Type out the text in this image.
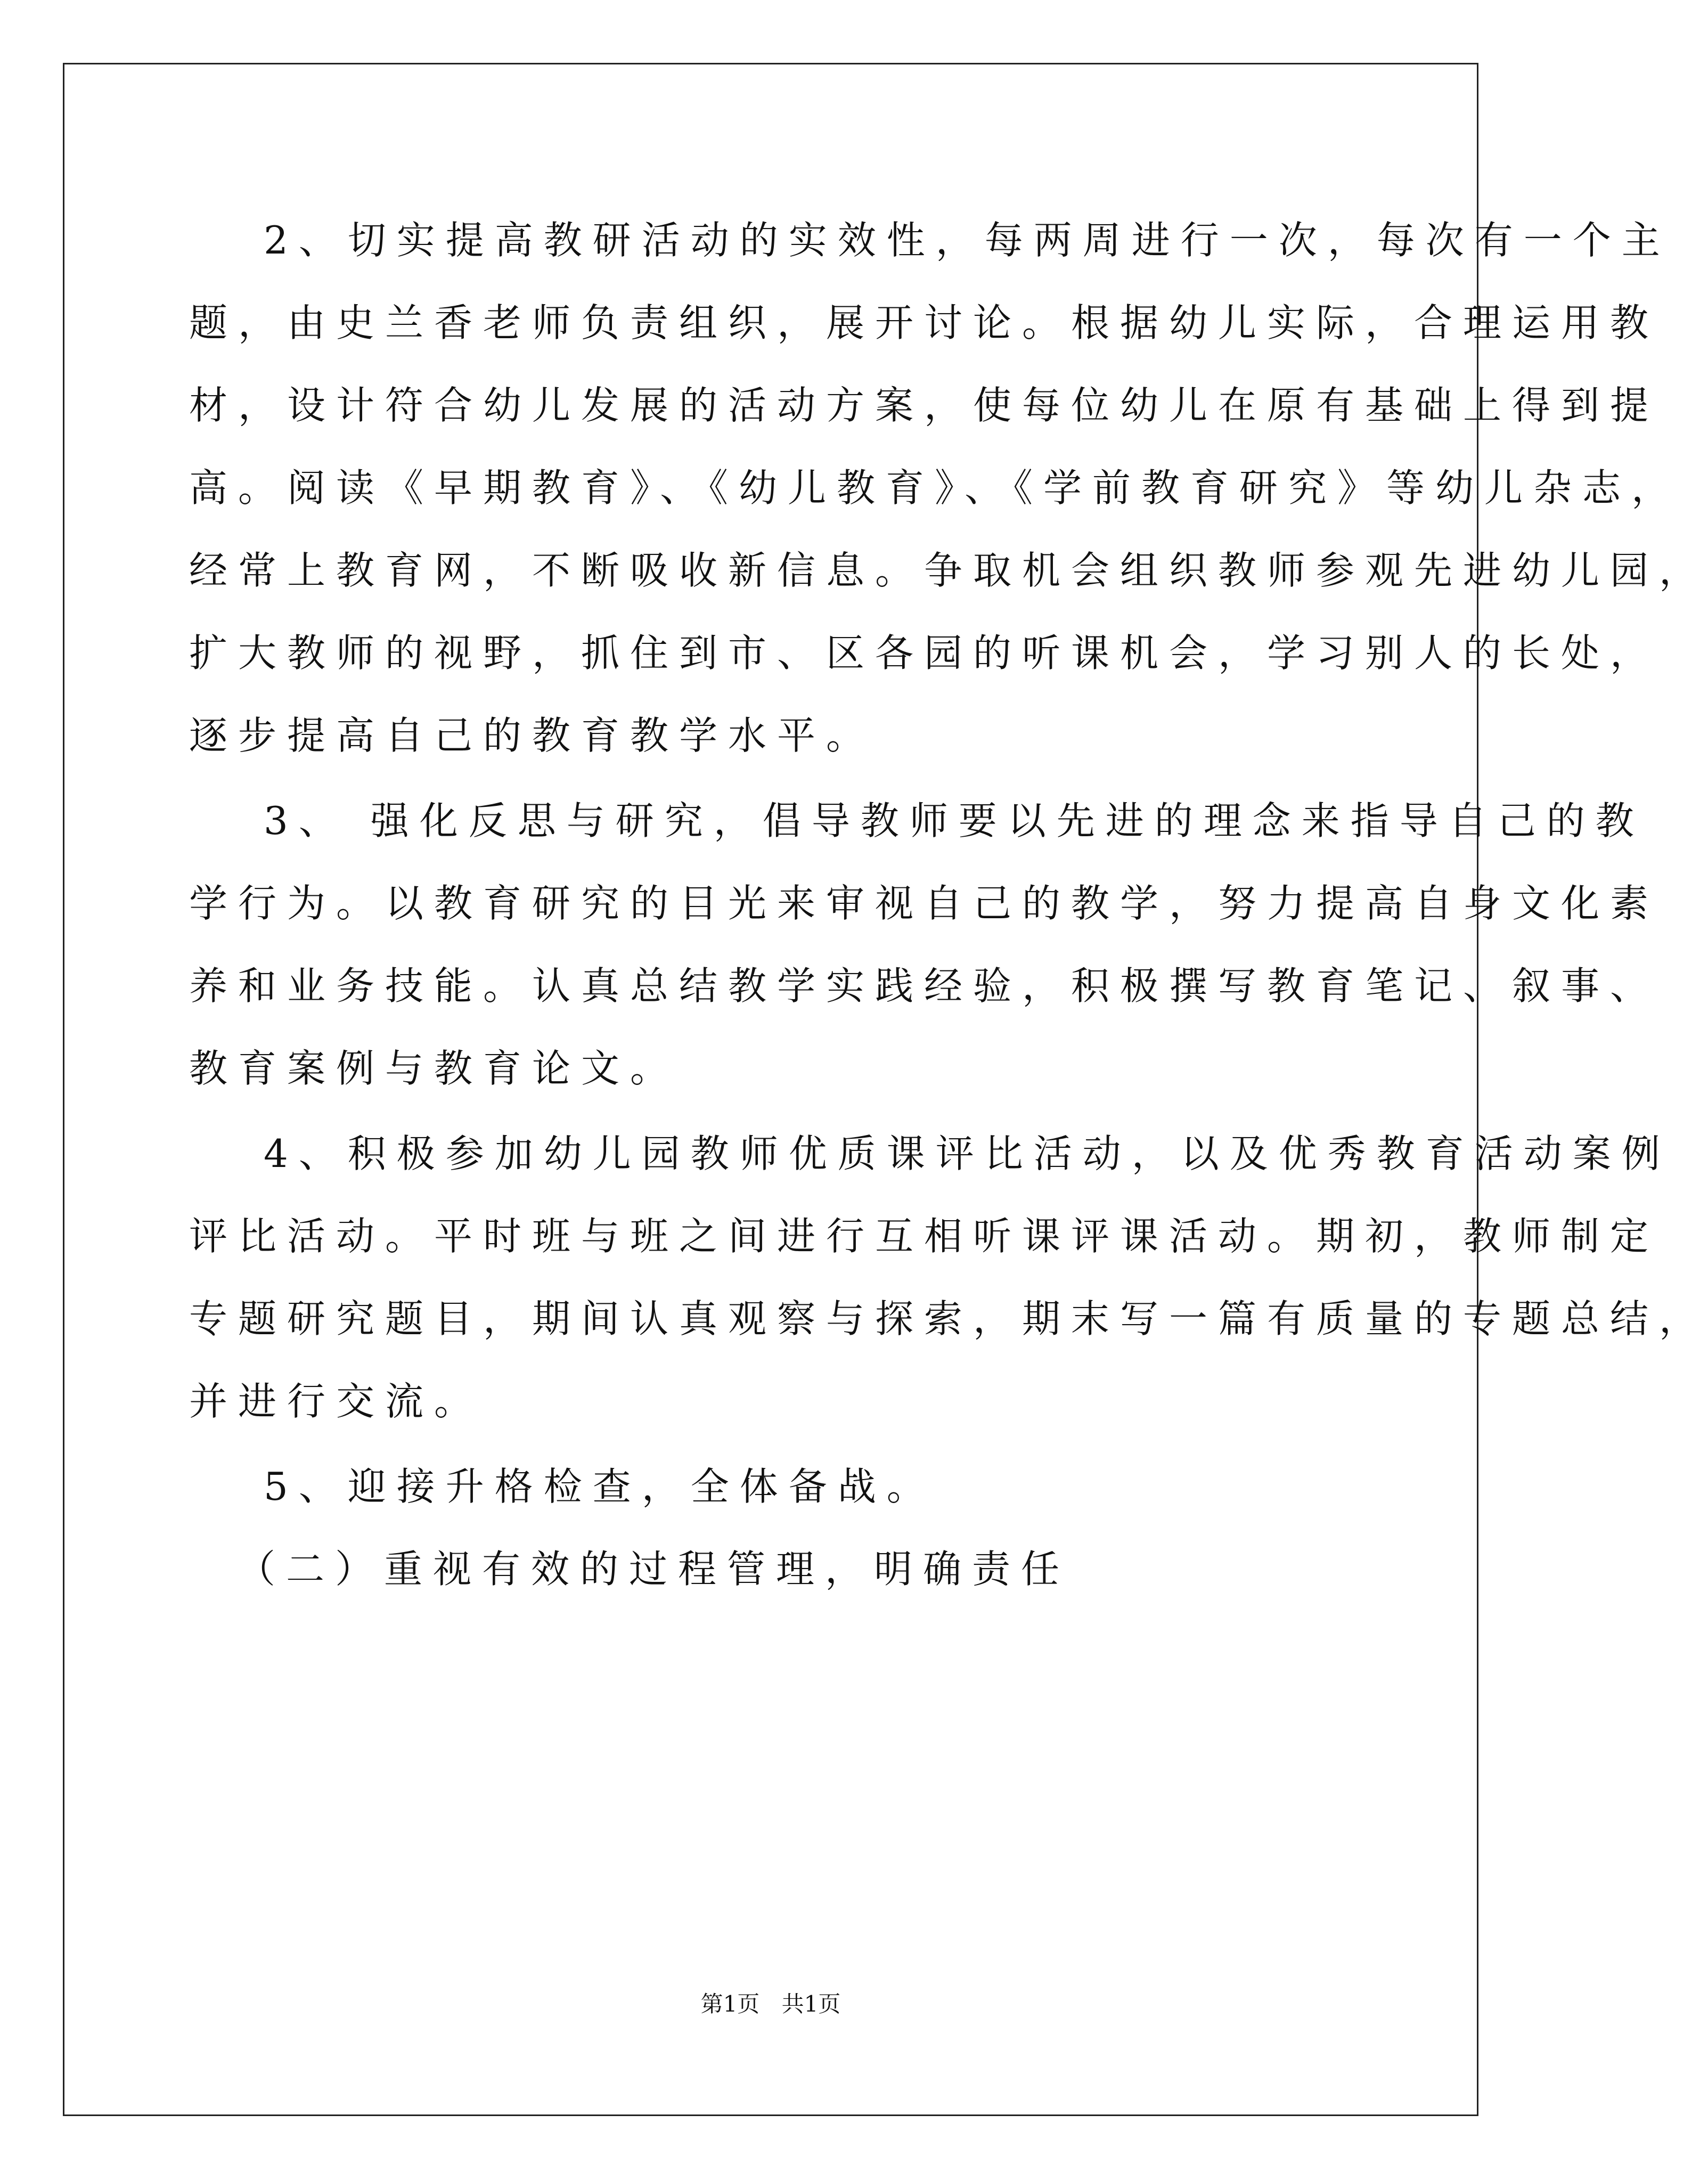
2、切实提高教研活动的实效性，每两周进行一次，每次有一个主
题，由史兰香老师负责组织，展开讨论。根据幼儿实际，合理运用教
材，设计符合幼儿发展的活动方案，使每位幼儿在原有基础上得到提
高。阅读《早期教育》、《幼儿教育》、《学前教育研究》等幼儿杂志，
经常上教育网，不断吸收新信息。争取机会组织教师参观先进幼儿园，
扩大教师的视野，抓住到市、区各园的听课机会，学习别人的长处，
逐步提高自己的教育教学水平。
3、 强化反思与研究，倡导教师要以先进的理念来指导自己的教
学行为。以教育研究的目光来审视自己的教学，努力提高自身文化素
养和业务技能。认真总结教学实践经验，积极撰写教育笔记、叙事、
教育案例与教育论文。
4、积极参加幼儿园教师优质课评比活动，以及优秀教育活动案例
评比活动。平时班与班之间进行互相听课评课活动。期初，教师制定
专题研究题目，期间认真观察与探索，期末写一篇有质量的专题总结，
并进行交流。
5、迎接升格检查，全体备战。
（二）重视有效的过程管理，明确责任
第1页 共1页
